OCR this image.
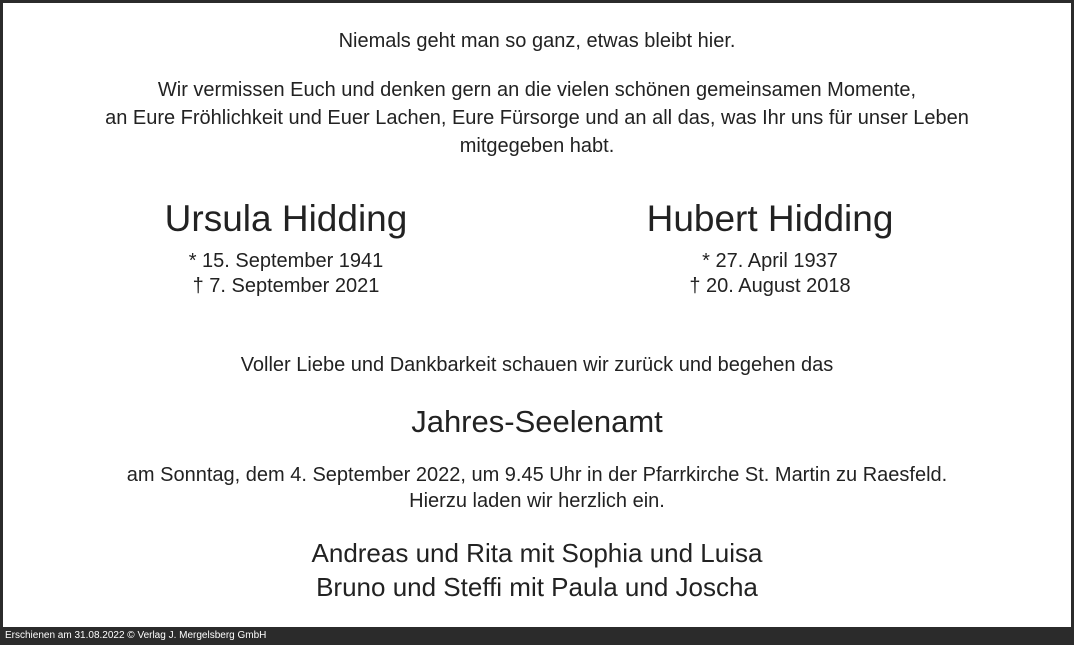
Niemals geht man so ganz, etwas bleibt hier.
Wir vermissen Euch und denken gern an die vielen schönen gemeinsamen Momente,
an Eure Fröhlichkeit und Euer Lachen, Eure Fürsorge und an all das, was Ihr uns für unser Leben
mitgegeben habt.
Ursula Hidding
* 15. September 1941
† 7. September 2021
Hubert Hidding
* 27. April 1937
† 20. August 2018
Voller Liebe und Dankbarkeit schauen wir zurück und begehen das
Jahres-Seelenamt
am Sonntag, dem 4. September 2022, um 9.45 Uhr in der Pfarrkirche St. Martin zu Raesfeld.
Hierzu laden wir herzlich ein.
Andreas und Rita mit Sophia und Luisa
Bruno und Steffi mit Paula und Joscha
Erschienen am 31.08.2022 © Verlag J. Mergelsberg GmbH
